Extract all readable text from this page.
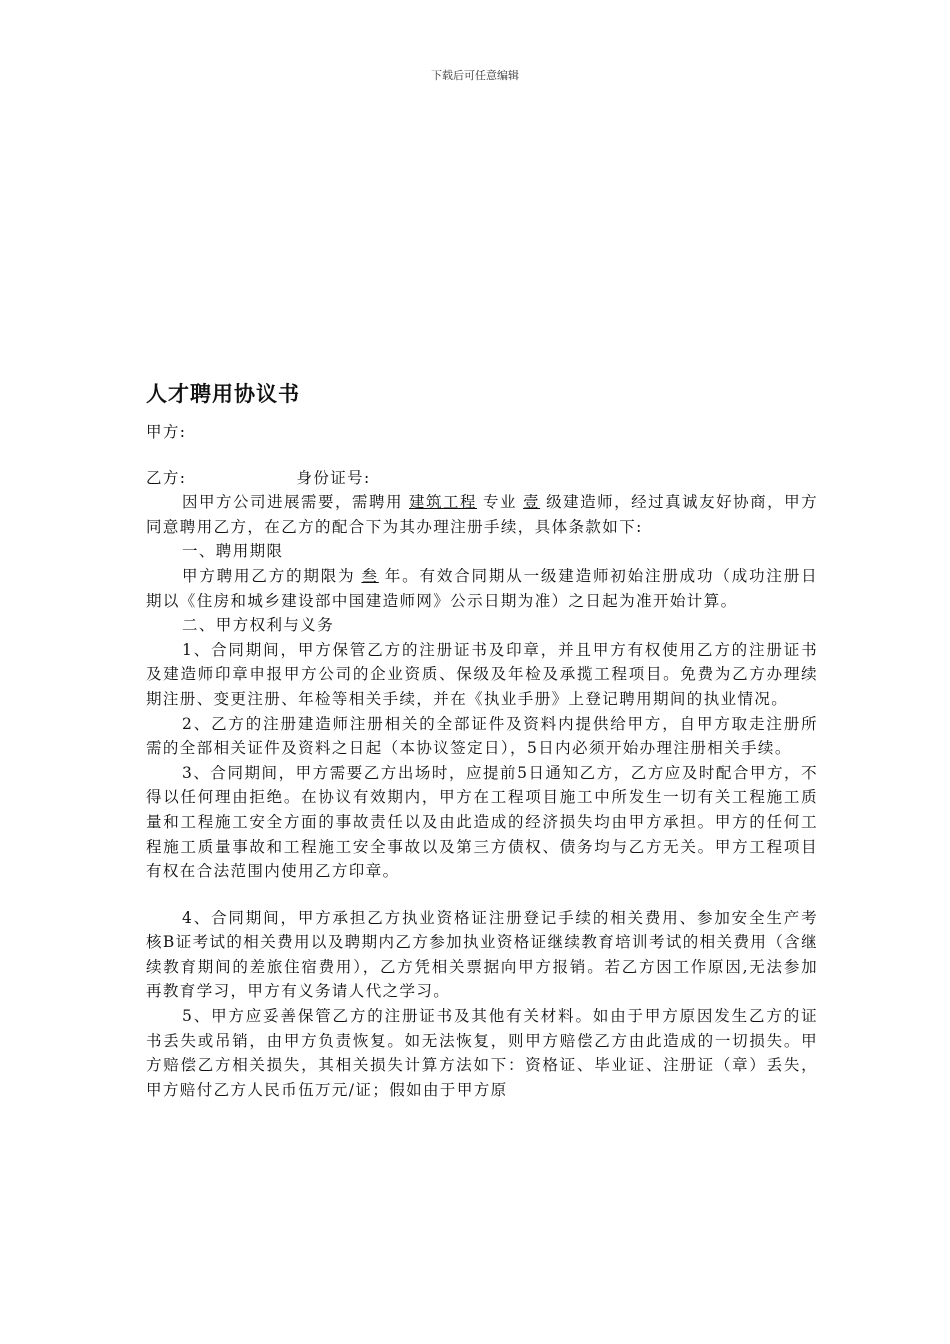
下载后可任意编辑
人才聘用协议书

甲方:

乙方:	身份证号:

因甲方公司进展需要，需聘用 建筑工程 专业 壹 级建造师，经过真诚友好协商，甲方同意聘用乙方，在乙方的配合下为其办理注册手续，具体条款如下:

一、聘用期限

甲方聘用乙方的期限为 叁 年。有效合同期从一级建造师初始注册成功（成功注册日期以《住房和城乡建设部中国建造师网》公示日期为准）之日起为准开始计算。

二、甲方权利与义务

1、合同期间，甲方保管乙方的注册证书及印章，并且甲方有权使用乙方的注册证书及建造师印章申报甲方公司的企业资质、保级及年检及承揽工程项目。免费为乙方办理续期注册、变更注册、年检等相关手续，并在《执业手册》上登记聘用期间的执业情况。

2、乙方的注册建造师注册相关的全部证件及资料内提供给甲方，自甲方取走注册所需的全部相关证件及资料之日起（本协议签定日），5日内必须开始办理注册相关手续。

3、合同期间，甲方需要乙方出场时，应提前5日通知乙方，乙方应及时配合甲方，不得以任何理由拒绝。在协议有效期内，甲方在工程项目施工中所发生一切有关工程施工质量和工程施工安全方面的事故责任以及由此造成的经济损失均由甲方承担。甲方的任何工程施工质量事故和工程施工安全事故以及第三方债权、债务均与乙方无关。甲方工程项目有权在合法范围内使用乙方印章。

4、合同期间，甲方承担乙方执业资格证注册登记手续的相关费用、参加安全生产考核B证考试的相关费用以及聘期内乙方参加执业资格证继续教育培训考试的相关费用（含继续教育期间的差旅住宿费用），乙方凭相关票据向甲方报销。若乙方因工作原因,无法参加再教育学习，甲方有义务请人代之学习。

5、甲方应妥善保管乙方的注册证书及其他有关材料。如由于甲方原因发生乙方的证书丢失或吊销，由甲方负责恢复。如无法恢复，则甲方赔偿乙方由此造成的一切损失。甲方赔偿乙方相关损失，其相关损失计算方法如下：资格证、毕业证、注册证（章）丢失，甲方赔付乙方人民币伍万元/证；假如由于甲方原
